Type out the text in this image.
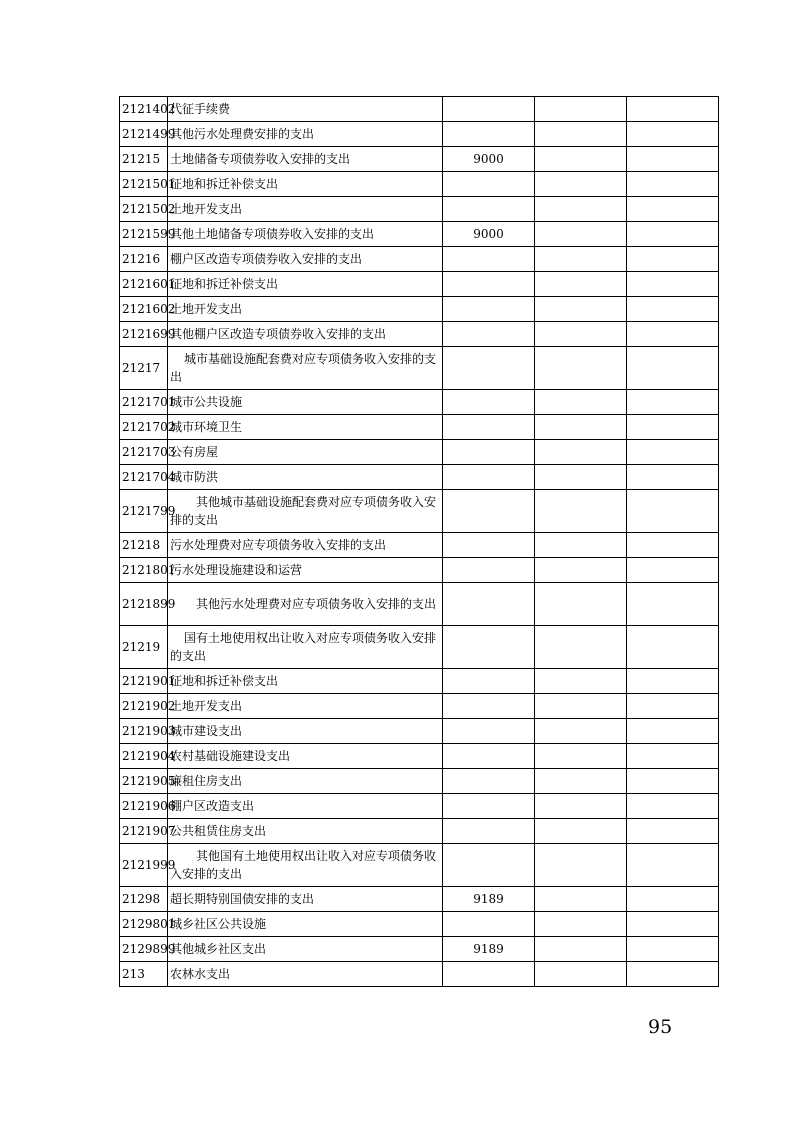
2121402	代征手续费			
2121499	其他污水处理费安排的支出			
21215	土地储备专项债券收入安排的支出	9000		
2121501	征地和拆迁补偿支出			
2121502	土地开发支出			
2121599	其他土地储备专项债券收入安排的支出	9000		
21216	棚户区改造专项债券收入安排的支出			
2121601	征地和拆迁补偿支出			
2121602	土地开发支出			
2121699	其他棚户区改造专项债券收入安排的支出			
21217	城市基础设施配套费对应专项债务收入安排的支出			
2121701	城市公共设施			
2121702	城市环境卫生			
2121703	公有房屋			
2121704	城市防洪			
2121799	其他城市基础设施配套费对应专项债务收入安排的支出			
21218	污水处理费对应专项债务收入安排的支出			
2121801	污水处理设施建设和运营			
2121899	其他污水处理费对应专项债务收入安排的支出			
21219	国有土地使用权出让收入对应专项债务收入安排的支出			
2121901	征地和拆迁补偿支出			
2121902	土地开发支出			
2121903	城市建设支出			
2121904	农村基础设施建设支出			
2121905	廉租住房支出			
2121906	棚户区改造支出			
2121907	公共租赁住房支出			
2121999	其他国有土地使用权出让收入对应专项债务收入安排的支出			
21298	超长期特别国债安排的支出	9189		
2129801	城乡社区公共设施			
2129899	其他城乡社区支出	9189		
213	农林水支出			
95
